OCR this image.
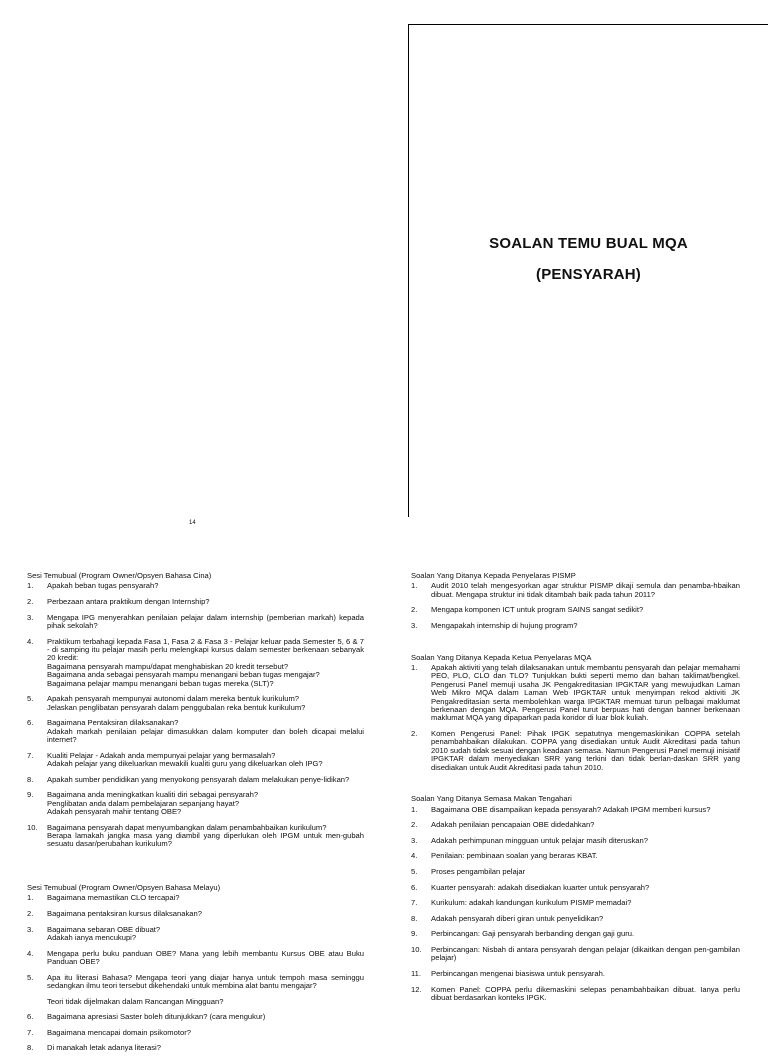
SOALAN TEMU BUAL MQA
(PENSYARAH)
14
Sesi Temubual (Program Owner/Opsyen Bahasa Cina)
1.	Apakah beban tugas pensyarah?
2.	Perbezaan antara praktikum dengan Internship?
3.	Mengapa IPG menyerahkan penilaian pelajar dalam internship (pemberian markah) kepada pihak sekolah?
4.	Praktikum terbahagi kepada Fasa 1, Fasa 2 & Fasa 3 - Pelajar keluar pada Semester 5, 6 & 7 - di samping itu pelajar masih perlu melengkapi kursus dalam semester berkenaan sebanyak 20 kredit:
Bagaimana pensyarah mampu/dapat menghabiskan 20 kredit tersebut?
Bagaimana anda sebagai pensyarah mampu menangani beban tugas mengajar?
Bagaimana pelajar mampu menangani beban tugas mereka (SLT)?
5.	Apakah pensyarah mempunyai autonomi dalam mereka bentuk kurikulum?
Jelaskan penglibatan pensyarah dalam penggubalan reka bentuk kurikulum?
6.	Bagaimana Pentaksiran dilaksanakan?
Adakah markah penilaian pelajar dimasukkan dalam komputer dan boleh dicapai melalui internet?
7.	Kualiti Pelajar - Adakah anda mempunyai pelajar yang bermasalah?
Adakah pelajar yang dikeluarkan mewakili kualiti guru yang dikeluarkan oleh IPG?
8.	Apakah sumber pendidikan yang menyokong pensyarah dalam melakukan penye-lidikan?
9.	Bagaimana anda meningkatkan kualiti diri sebagai pensyarah?
Penglibatan anda dalam pembelajaran sepanjang hayat?
Adakah pensyarah mahir tentang OBE?
10.	Bagaimana pensyarah dapat menyumbangkan dalam penambahbaikan kurikulum?
Berapa lamakah jangka masa yang diambil yang diperlukan oleh IPGM untuk men-gubah sesuatu dasar/perubahan kurikulum?
Sesi Temubual (Program Owner/Opsyen Bahasa Melayu)
1.	Bagaimana memastikan CLO tercapai?
2.	Bagaimana pentaksiran kursus dilaksanakan?
3.	Bagaimana sebaran OBE dibuat?
Adakah ianya mencukupi?
4.	Mengapa perlu buku panduan OBE? Mana yang lebih membantu Kursus OBE atau Buku Panduan OBE?
5.	Apa itu literasi Bahasa? Mengapa teori yang diajar hanya untuk tempoh masa seminggu sedangkan ilmu teori tersebut dikehendaki untuk membina alat bantu mengajar?
Teori tidak dijelmakan dalam Rancangan Mingguan?
6.	Bagaimana apresiasi Saster boleh ditunjukkan? (cara mengukur)
7.	Bagaimana mencapai domain psikomotor?
8.	Di manakah letak adanya literasi?
Soalan Yang Ditanya Kepada Penyelaras PISMP
1.	Audit 2010 telah mengesyorkan agar struktur PISMP dikaji semula dan penamba-hbaikan dibuat. Mengapa struktur ini tidak ditambah baik pada tahun 2011?
2.	Mengapa komponen ICT untuk program SAINS sangat sedikit?
3.	Mengapakah internship di hujung program?
Soalan Yang Ditanya Kepada Ketua Penyelaras MQA
1.	Apakah aktiviti yang telah dilaksanakan untuk membantu pensyarah dan pelajar memahami PEO, PLO, CLO dan TLO? Tunjukkan bukti seperti memo dan bahan taklimat/bengkel. Pengerusi Panel memuji usaha JK Pengakreditasian IPGKTAR yang mewujudkan Laman Web Mikro MQA dalam Laman Web IPGKTAR untuk menyimpan rekod aktiviti JK Pengakreditasian serta membolehkan warga IPGKTAR memuat turun pelbagai maklumat berkenaan dengan MQA. Pengerusi Panel turut berpuas hati dengan banner berkenaan maklumat MQA yang dipaparkan pada koridor di luar blok kuliah.
2.	Komen Pengerusi Panel: Pihak IPGK sepatutnya mengemaskinikan COPPA setelah penambahbaikan dilakukan. COPPA yang disediakan untuk Audit Akreditasi pada tahun 2010 sudah tidak sesuai dengan keadaan semasa. Namun Pengerusi Panel memuji inisiatif IPGKTAR dalam menyediakan SRR yang terkini dan tidak berlan-daskan SRR yang disediakan untuk Audit Akreditasi pada tahun 2010.
Soalan Yang Ditanya Semasa Makan Tengahari
1.	Bagaimana OBE disampaikan kepada pensyarah? Adakah IPGM memberi kursus?
2.	Adakah penilaian pencapaian OBE didedahkan?
3.	Adakah perhimpunan mingguan untuk pelajar masih diteruskan?
4.	Penilaian: pembinaan soalan yang beraras KBAT.
5.	Proses pengambilan pelajar
6.	Kuarter pensyarah: adakah disediakan kuarter untuk pensyarah?
7.	Kurikulum: adakah kandungan kurikulum PISMP memadai?
8.	Adakah pensyarah diberi giran untuk penyelidikan?
9.	Perbincangan: Gaji pensyarah berbanding dengan gaji guru.
10.	Perbincangan: Nisbah di antara pensyarah dengan pelajar (dikaitkan dengan pen-gambilan pelajar)
11.	Perbincangan mengenai biasiswa untuk pensyarah.
12.	Komen Panel: COPPA perlu dikemaskini selepas penambahbaikan dibuat. Ianya perlu dibuat berdasarkan konteks IPGK.
